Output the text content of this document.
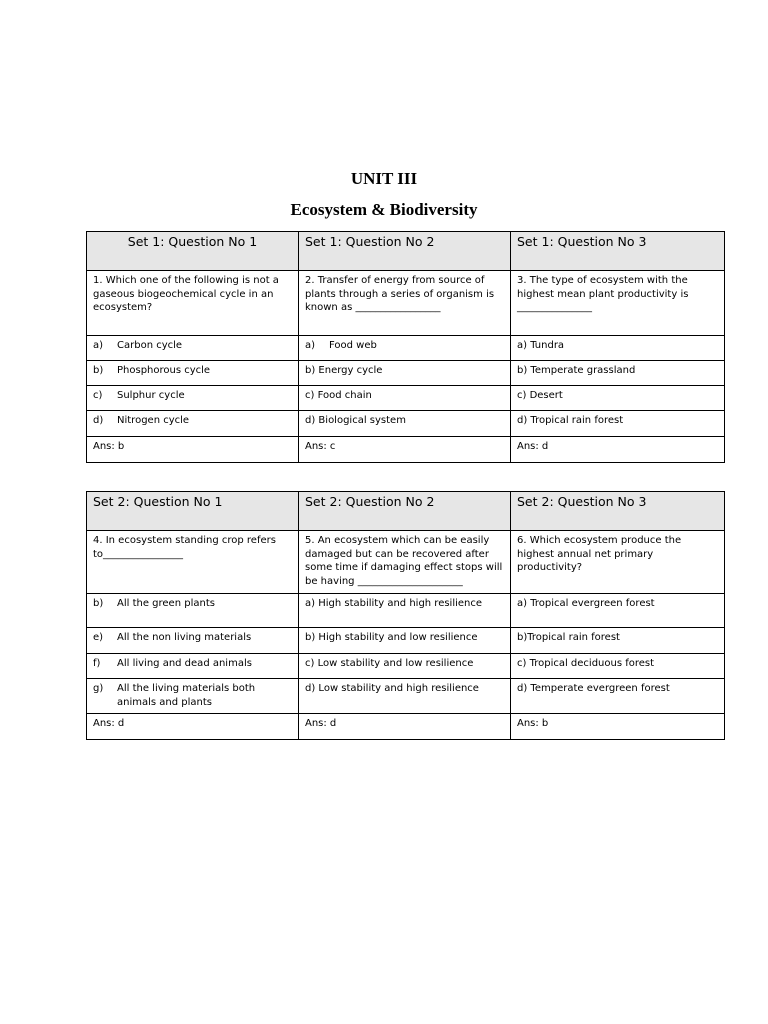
UNIT III
Ecosystem & Biodiversity
Set 1: Question No 1	Set 1: Question No 2	Set 1: Question No 3
1. Which one of the following is not a gaseous biogeochemical cycle in an ecosystem?	2. Transfer of energy from source of plants through a series of organism is known as _________________	3. The type of ecosystem with the highest mean plant productivity is _______________

a) Carbon cycle	a) Food web	a) Tundra

b) Phosphorous cycle	b) Energy cycle	b) Temperate grassland

c) Sulphur cycle	c) Food chain	c) Desert

d) Nitrogen cycle	d) Biological system	d) Tropical rain forest
Ans: b	Ans: c	Ans: d
Set 2: Question No 1	Set 2: Question No 2	Set 2: Question No 3
4. In ecosystem standing crop refers to________________	5. An ecosystem which can be easily damaged but can be recovered after some time if damaging effect stops will be having _____________________	6. Which ecosystem produce the highest annual net primary productivity?

b) All the green plants	a) High stability and high resilience	a) Tropical evergreen forest

e) All the non living materials	b) High stability and low resilience	b)Tropical rain forest

f) All living and dead animals	c) Low stability and low resilience	c) Tropical deciduous forest

g) All the living materials both animals and plants	d) Low stability and high resilience	d) Temperate evergreen forest
Ans: d	Ans: d	Ans: b
